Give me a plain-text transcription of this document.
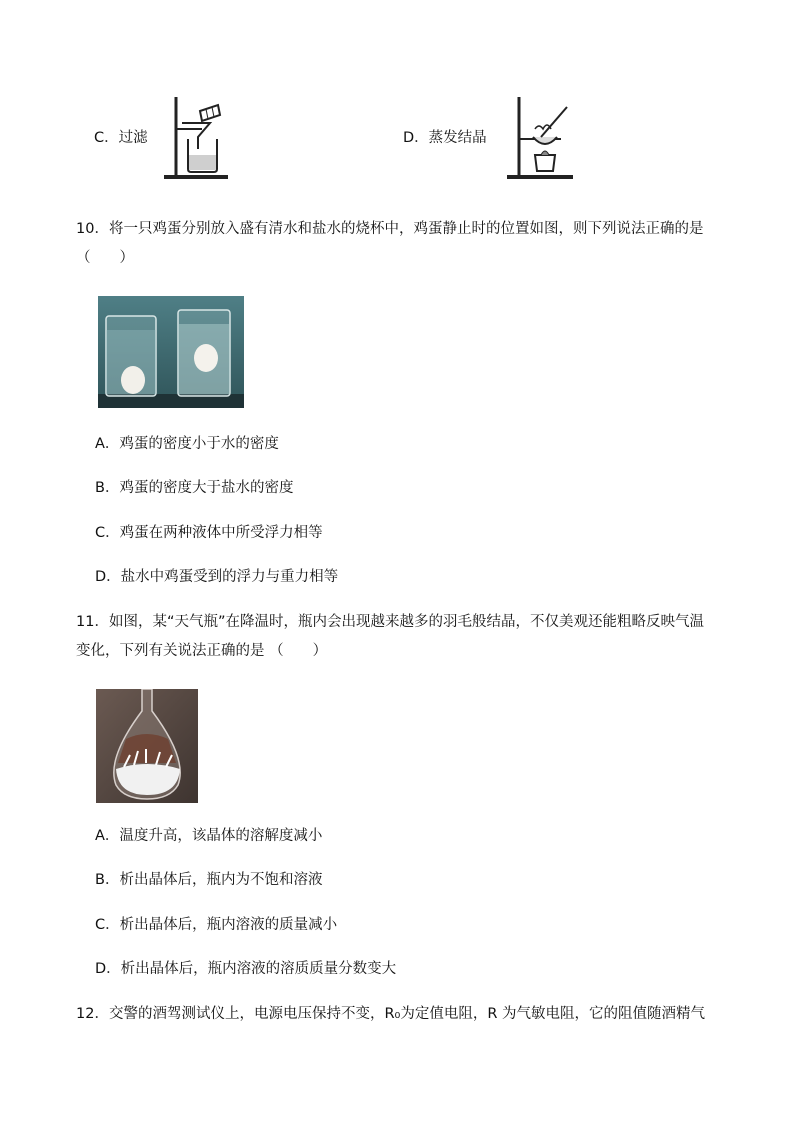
C．过滤	D．蒸发结晶
10．将一只鸡蛋分别放入盛有清水和盐水的烧杯中，鸡蛋静止时的位置如图，则下列说法正确的是
（　　）
A．鸡蛋的密度小于水的密度
B．鸡蛋的密度大于盐水的密度
C．鸡蛋在两种液体中所受浮力相等
D．盐水中鸡蛋受到的浮力与重力相等
11．如图，某“天气瓶”在降温时，瓶内会出现越来越多的羽毛般结晶，不仅美观还能粗略反映气温
变化，下列有关说法正确的是 （　　）
A．温度升高，该晶体的溶解度减小
B．析出晶体后，瓶内为不饱和溶液
C．析出晶体后，瓶内溶液的质量减小
D．析出晶体后，瓶内溶液的溶质质量分数变大
12．交警的酒驾测试仪上，电源电压保持不变，R₀为定值电阻，R 为气敏电阻，它的阻值随酒精气
